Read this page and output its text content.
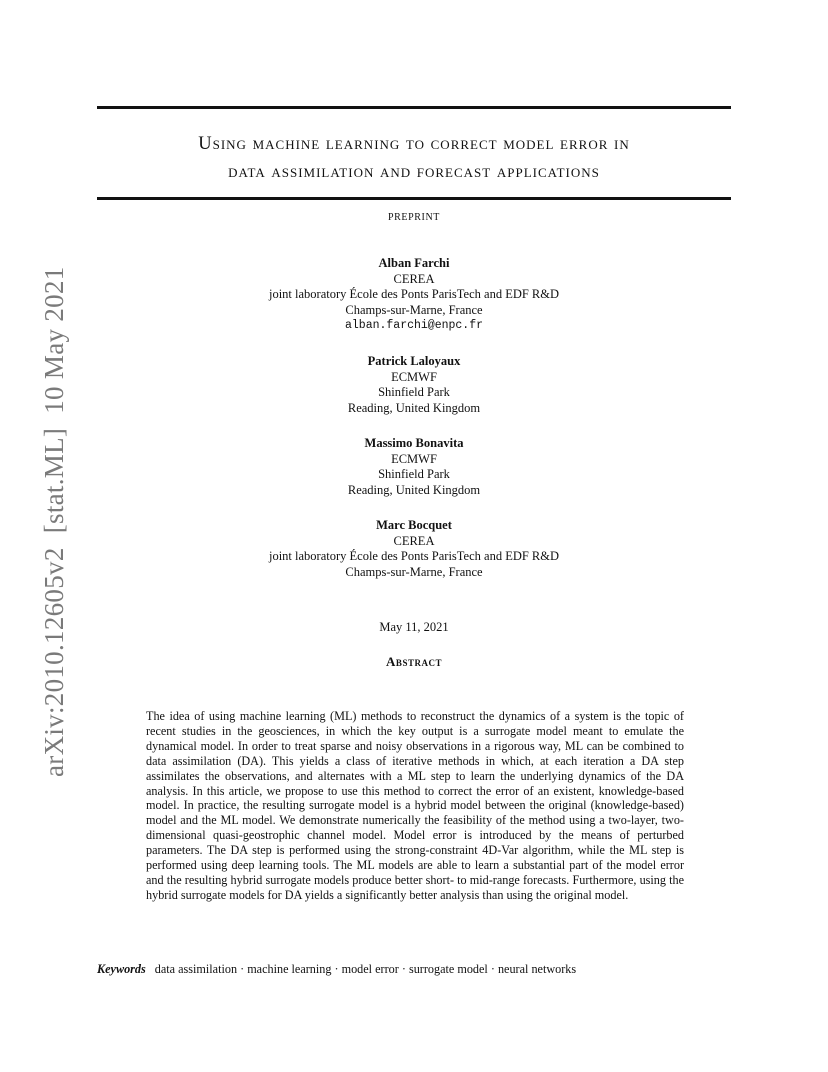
Using machine learning to correct model error in
data assimilation and forecast applications
PREPRINT
Alban Farchi
CEREA
joint laboratory École des Ponts ParisTech and EDF R&D
Champs-sur-Marne, France
alban.farchi@enpc.fr
Patrick Laloyaux
ECMWF
Shinfield Park
Reading, United Kingdom
Massimo Bonavita
ECMWF
Shinfield Park
Reading, United Kingdom
Marc Bocquet
CEREA
joint laboratory École des Ponts ParisTech and EDF R&D
Champs-sur-Marne, France
May 11, 2021
Abstract
The idea of using machine learning (ML) methods to reconstruct the dynamics of a system is the topic of recent studies in the geosciences, in which the key output is a surrogate model meant to emulate the dynamical model. In order to treat sparse and noisy observations in a rigorous way, ML can be combined to data assimilation (DA). This yields a class of iterative methods in which, at each iteration a DA step assimilates the observations, and alternates with a ML step to learn the underlying dynamics of the DA analysis. In this article, we propose to use this method to correct the error of an existent, knowledge-based model. In practice, the resulting surrogate model is a hybrid model between the original (knowledge-based) model and the ML model. We demonstrate numerically the feasibility of the method using a two-layer, two-dimensional quasi-geostrophic channel model. Model error is introduced by the means of perturbed parameters. The DA step is performed using the strong-constraint 4D-Var algorithm, while the ML step is performed using deep learning tools. The ML models are able to learn a substantial part of the model error and the resulting hybrid surrogate models produce better short- to mid-range forecasts. Furthermore, using the hybrid surrogate models for DA yields a significantly better analysis than using the original model.
Keywords data assimilation · machine learning · model error · surrogate model · neural networks
arXiv:2010.12605v2  [stat.ML]  10 May 2021
